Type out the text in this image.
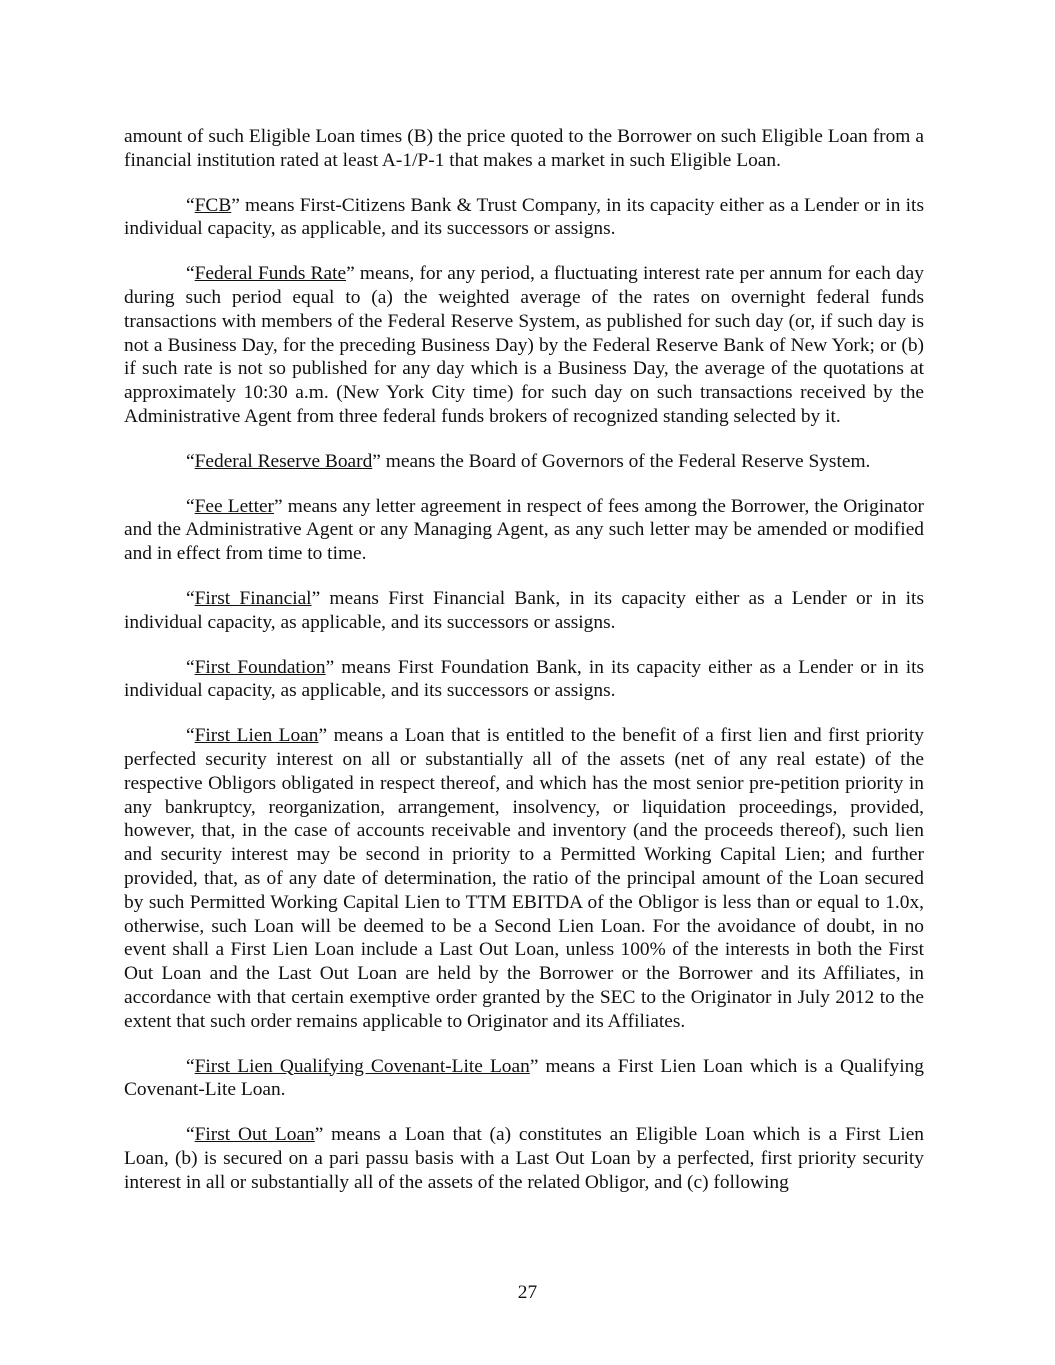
amount of such Eligible Loan times (B) the price quoted to the Borrower on such Eligible Loan from a financial institution rated at least A-1/P-1 that makes a market in such Eligible Loan.

“FCB” means First-Citizens Bank & Trust Company, in its capacity either as a Lender or in its individual capacity, as applicable, and its successors or assigns.

“Federal Funds Rate” means, for any period, a fluctuating interest rate per annum for each day during such period equal to (a) the weighted average of the rates on overnight federal funds transactions with members of the Federal Reserve System, as published for such day (or, if such day is not a Business Day, for the preceding Business Day) by the Federal Reserve Bank of New York; or (b) if such rate is not so published for any day which is a Business Day, the average of the quotations at approximately 10:30 a.m. (New York City time) for such day on such transactions received by the Administrative Agent from three federal funds brokers of recognized standing selected by it.

“Federal Reserve Board” means the Board of Governors of the Federal Reserve System.

“Fee Letter” means any letter agreement in respect of fees among the Borrower, the Originator and the Administrative Agent or any Managing Agent, as any such letter may be amended or modified and in effect from time to time.

“First Financial” means First Financial Bank, in its capacity either as a Lender or in its individual capacity, as applicable, and its successors or assigns.

“First Foundation” means First Foundation Bank, in its capacity either as a Lender or in its individual capacity, as applicable, and its successors or assigns.

“First Lien Loan” means a Loan that is entitled to the benefit of a first lien and first priority perfected security interest on all or substantially all of the assets (net of any real estate) of the respective Obligors obligated in respect thereof, and which has the most senior pre-petition priority in any bankruptcy, reorganization, arrangement, insolvency, or liquidation proceedings, provided, however, that, in the case of accounts receivable and inventory (and the proceeds thereof), such lien and security interest may be second in priority to a Permitted Working Capital Lien; and further provided, that, as of any date of determination, the ratio of the principal amount of the Loan secured by such Permitted Working Capital Lien to TTM EBITDA of the Obligor is less than or equal to 1.0x, otherwise, such Loan will be deemed to be a Second Lien Loan. For the avoidance of doubt, in no event shall a First Lien Loan include a Last Out Loan, unless 100% of the interests in both the First Out Loan and the Last Out Loan are held by the Borrower or the Borrower and its Affiliates, in accordance with that certain exemptive order granted by the SEC to the Originator in July 2012 to the extent that such order remains applicable to Originator and its Affiliates.

“First Lien Qualifying Covenant-Lite Loan” means a First Lien Loan which is a Qualifying Covenant-Lite Loan.

“First Out Loan” means a Loan that (a) constitutes an Eligible Loan which is a First Lien Loan, (b) is secured on a pari passu basis with a Last Out Loan by a perfected, first priority security interest in all or substantially all of the assets of the related Obligor, and (c) following

27
